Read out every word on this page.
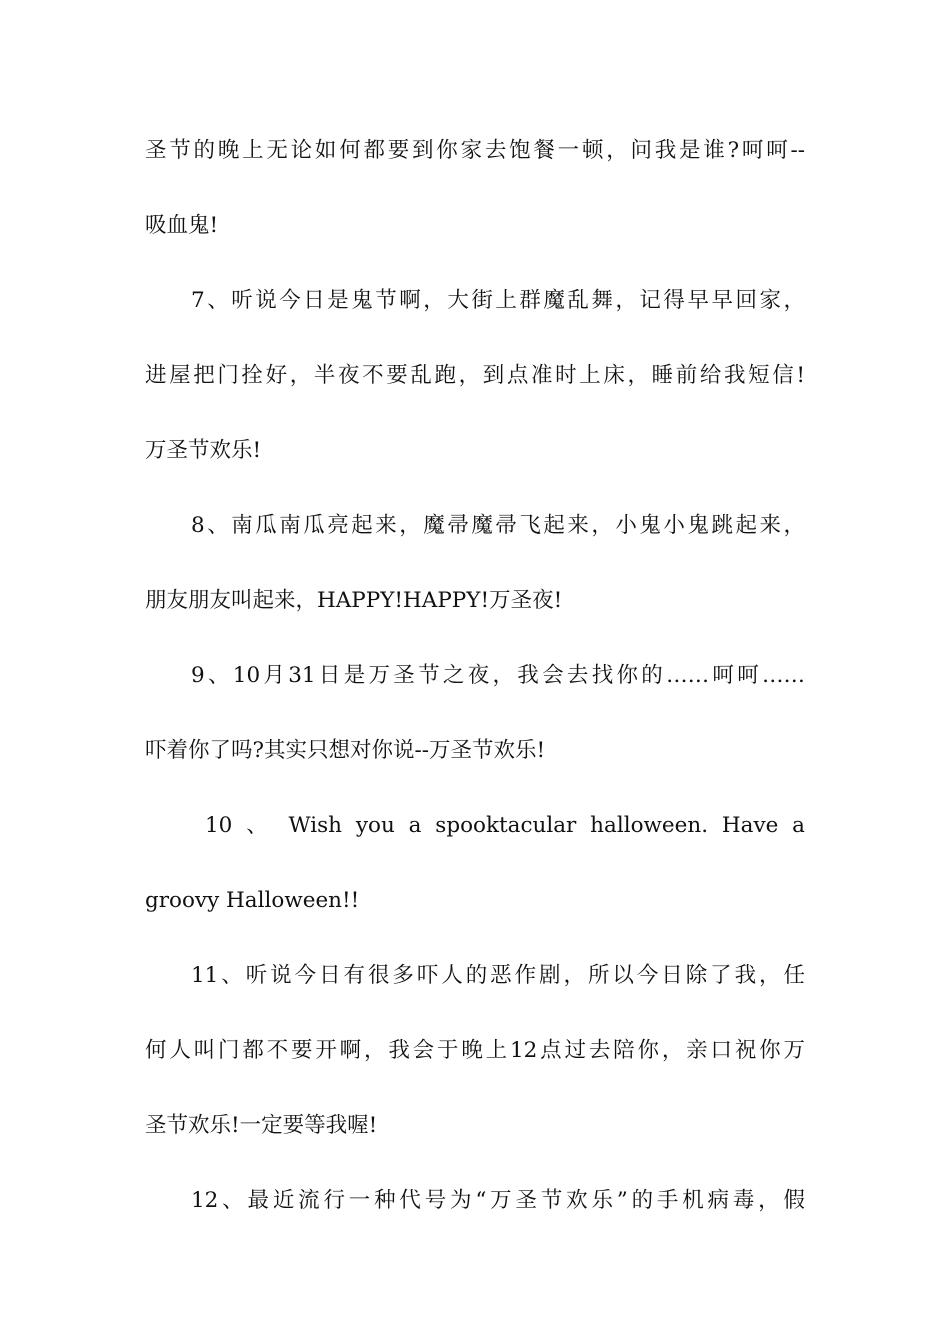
圣节的晚上无论如何都要到你家去饱餐一顿，问我是谁?呵呵--
吸血鬼!
7、听说今日是鬼节啊，大街上群魔乱舞，记得早早回家，
进屋把门拴好，半夜不要乱跑，到点准时上床，睡前给我短信!
万圣节欢乐!
8、南瓜南瓜亮起来，魔帚魔帚飞起来，小鬼小鬼跳起来，
朋友朋友叫起来，HAPPY!HAPPY!万圣夜!
9、10月31日是万圣节之夜，我会去找你的……呵呵……
吓着你了吗?其实只想对你说--万圣节欢乐!
10 、 Wish you a spooktacular halloween. Have a
groovy Halloween!!
11、听说今日有很多吓人的恶作剧，所以今日除了我，任
何人叫门都不要开啊，我会于晚上12点过去陪你，亲口祝你万
圣节欢乐!一定要等我喔!
12、最近流行一种代号为“万圣节欢乐”的手机病毒，假
